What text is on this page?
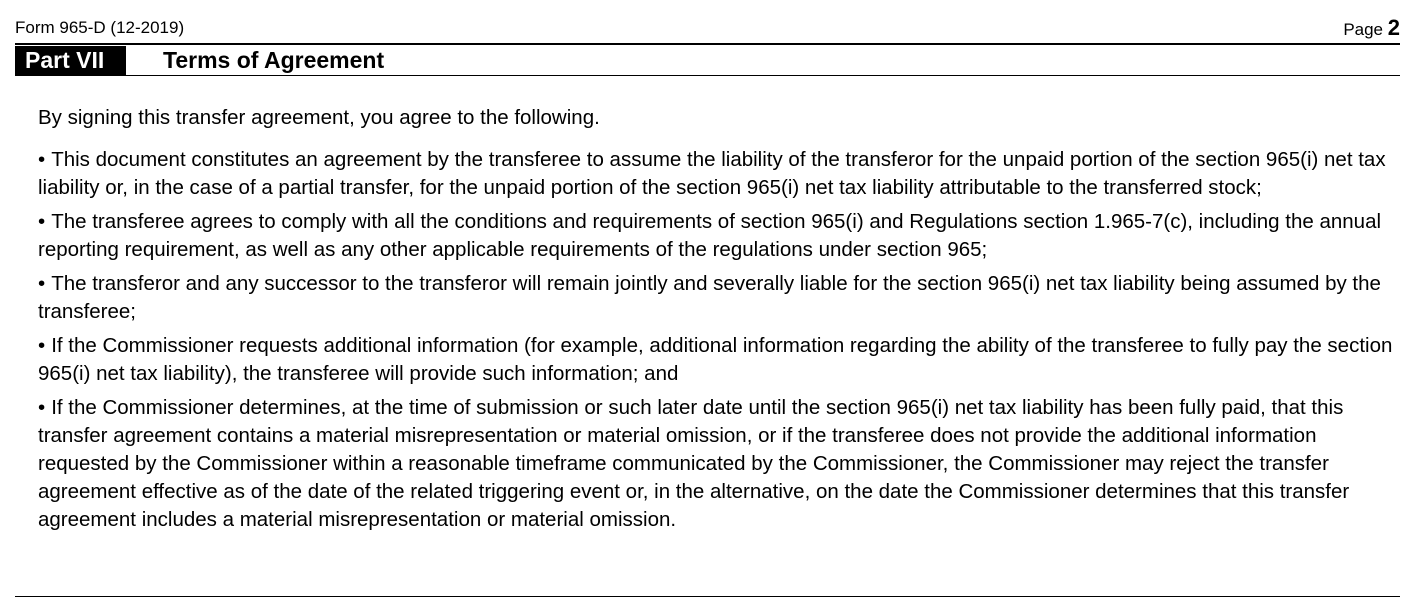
Form 965-D (12-2019)	Page 2
Part VII	Terms of Agreement

By signing this transfer agreement, you agree to the following.

• This document constitutes an agreement by the transferee to assume the liability of the transferor for the unpaid portion of the section 965(i) net tax liability or, in the case of a partial transfer, for the unpaid portion of the section 965(i) net tax liability attributable to the transferred stock;
• The transferee agrees to comply with all the conditions and requirements of section 965(i) and Regulations section 1.965-7(c), including the annual reporting requirement, as well as any other applicable requirements of the regulations under section 965;
• The transferor and any successor to the transferor will remain jointly and severally liable for the section 965(i) net tax liability being assumed by the transferee;
• If the Commissioner requests additional information (for example, additional information regarding the ability of the transferee to fully pay the section 965(i) net tax liability), the transferee will provide such information; and
• If the Commissioner determines, at the time of submission or such later date until the section 965(i) net tax liability has been fully paid, that this transfer agreement contains a material misrepresentation or material omission, or if the transferee does not provide the additional information requested by the Commissioner within a reasonable timeframe communicated by the Commissioner, the Commissioner may reject the transfer agreement effective as of the date of the related triggering event or, in the alternative, on the date the Commissioner determines that this transfer agreement includes a material misrepresentation or material omission.
